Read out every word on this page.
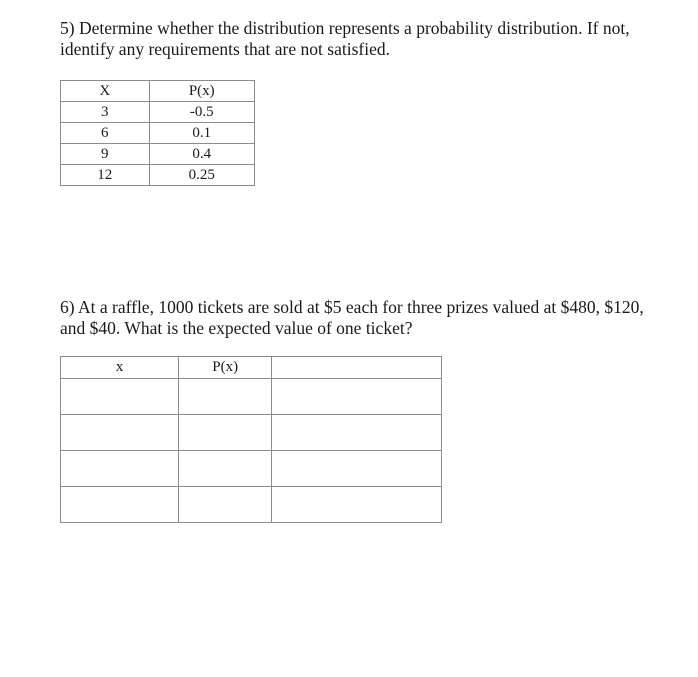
5) Determine whether the distribution represents a probability distribution. If not, identify any requirements that are not satisfied.

X	P(x)
3	-0.5
6	0.1
9	0.4
12	0.25

6) At a raffle, 1000 tickets are sold at $5 each for three prizes valued at $480, $120, and $40. What is the expected value of one ticket?

x	P(x)	
